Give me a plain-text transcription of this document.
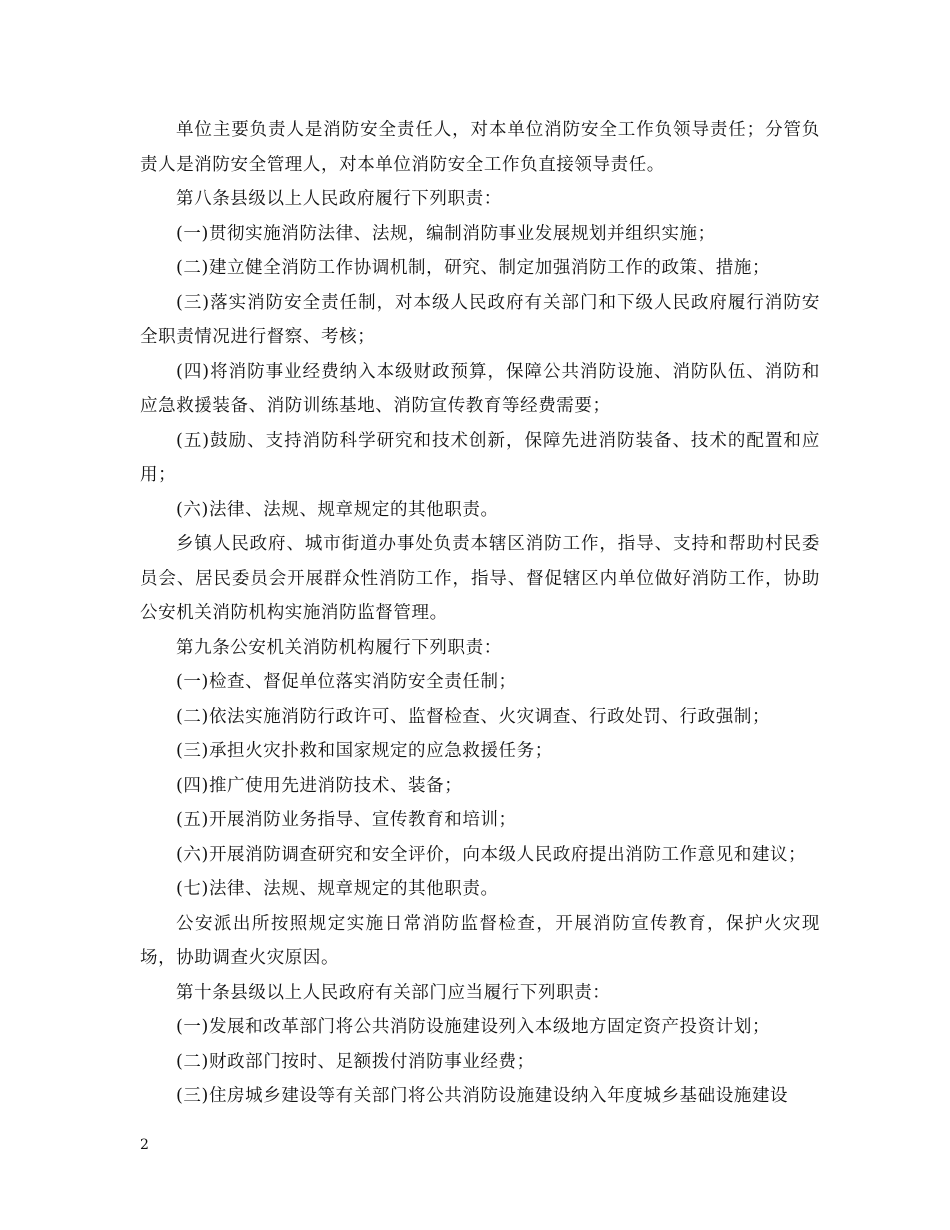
单位主要负责人是消防安全责任人，对本单位消防安全工作负领导责任；分管负责人是消防安全管理人，对本单位消防安全工作负直接领导责任。

第八条县级以上人民政府履行下列职责：

(一)贯彻实施消防法律、法规，编制消防事业发展规划并组织实施；

(二)建立健全消防工作协调机制，研究、制定加强消防工作的政策、措施；

(三)落实消防安全责任制，对本级人民政府有关部门和下级人民政府履行消防安全职责情况进行督察、考核；

(四)将消防事业经费纳入本级财政预算，保障公共消防设施、消防队伍、消防和应急救援装备、消防训练基地、消防宣传教育等经费需要；

(五)鼓励、支持消防科学研究和技术创新，保障先进消防装备、技术的配置和应用；

(六)法律、法规、规章规定的其他职责。

乡镇人民政府、城市街道办事处负责本辖区消防工作，指导、支持和帮助村民委员会、居民委员会开展群众性消防工作，指导、督促辖区内单位做好消防工作，协助公安机关消防机构实施消防监督管理。

第九条公安机关消防机构履行下列职责：

(一)检查、督促单位落实消防安全责任制；

(二)依法实施消防行政许可、监督检查、火灾调查、行政处罚、行政强制；

(三)承担火灾扑救和国家规定的应急救援任务；

(四)推广使用先进消防技术、装备；

(五)开展消防业务指导、宣传教育和培训；

(六)开展消防调查研究和安全评价，向本级人民政府提出消防工作意见和建议；

(七)法律、法规、规章规定的其他职责。

公安派出所按照规定实施日常消防监督检查，开展消防宣传教育，保护火灾现场，协助调查火灾原因。

第十条县级以上人民政府有关部门应当履行下列职责：

(一)发展和改革部门将公共消防设施建设列入本级地方固定资产投资计划；

(二)财政部门按时、足额拨付消防事业经费；

(三)住房城乡建设等有关部门将公共消防设施建设纳入年度城乡基础设施建设

2
